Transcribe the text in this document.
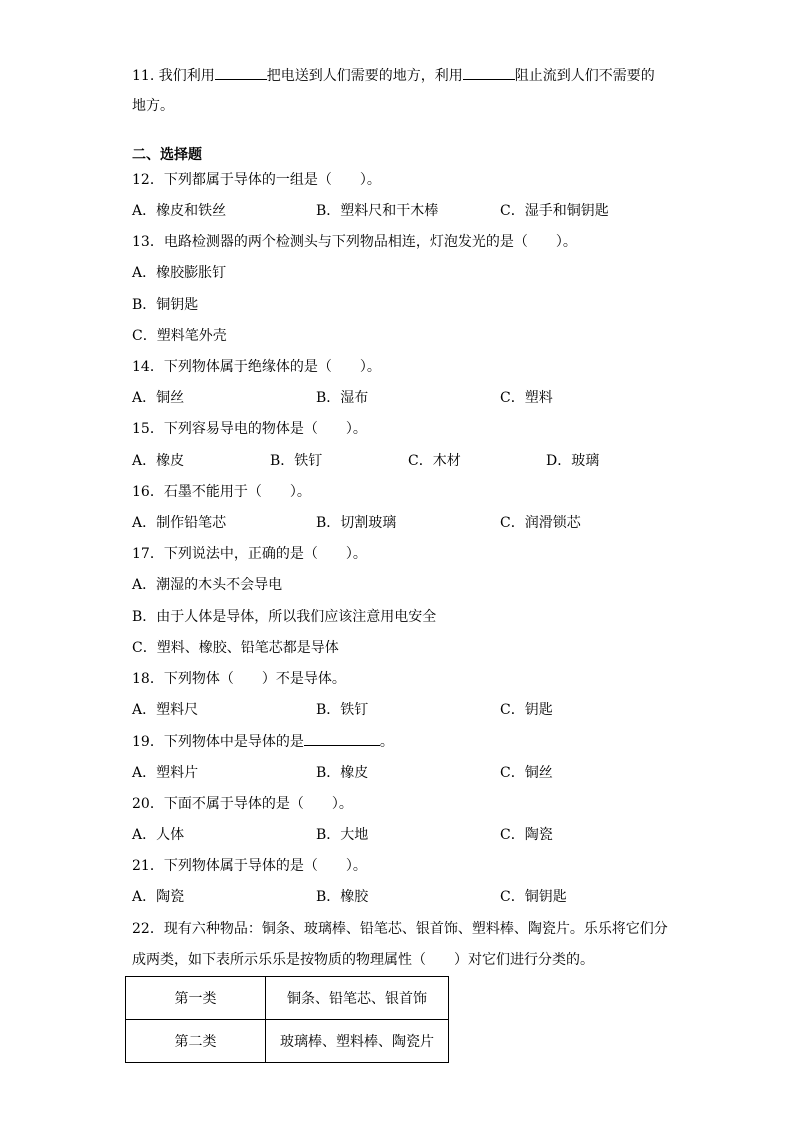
11. 我们利用	把电送到人们需要的地方，利用	阻止流到人们不需要的
地方。
二、选择题
12．下列都属于导体的一组是（　　）。
A．橡皮和铁丝	B．塑料尺和干木棒	C．湿手和铜钥匙
13．电路检测器的两个检测头与下列物品相连，灯泡发光的是（　　）。
A．橡胶膨胀钉
B．铜钥匙
C．塑料笔外壳
14．下列物体属于绝缘体的是（　　）。
A．铜丝	B．湿布	C．塑料
15．下列容易导电的物体是（　　）。
A．橡皮	B．铁钉	C．木材	D．玻璃
16．石墨不能用于（　　）。
A．制作铅笔芯	B．切割玻璃	C．润滑锁芯
17．下列说法中，正确的是（　　）。
A．潮湿的木头不会导电
B．由于人体是导体，所以我们应该注意用电安全
C．塑料、橡胶、铅笔芯都是导体
18．下列物体（　　）不是导体。
A．塑料尺	B．铁钉	C．钥匙
19．下列物体中是导体的是	。
A．塑料片	B．橡皮	C．铜丝
20．下面不属于导体的是（　　）。
A．人体	B．大地	C．陶瓷
21．下列物体属于导体的是（　　）。
A．陶瓷	B．橡胶	C．铜钥匙
22．现有六种物品：铜条、玻璃棒、铅笔芯、银首饰、塑料棒、陶瓷片。乐乐将它们分
成两类，如下表所示乐乐是按物质的物理属性（　　）对它们进行分类的。
第一类	铜条、铅笔芯、银首饰
第二类	玻璃棒、塑料棒、陶瓷片
